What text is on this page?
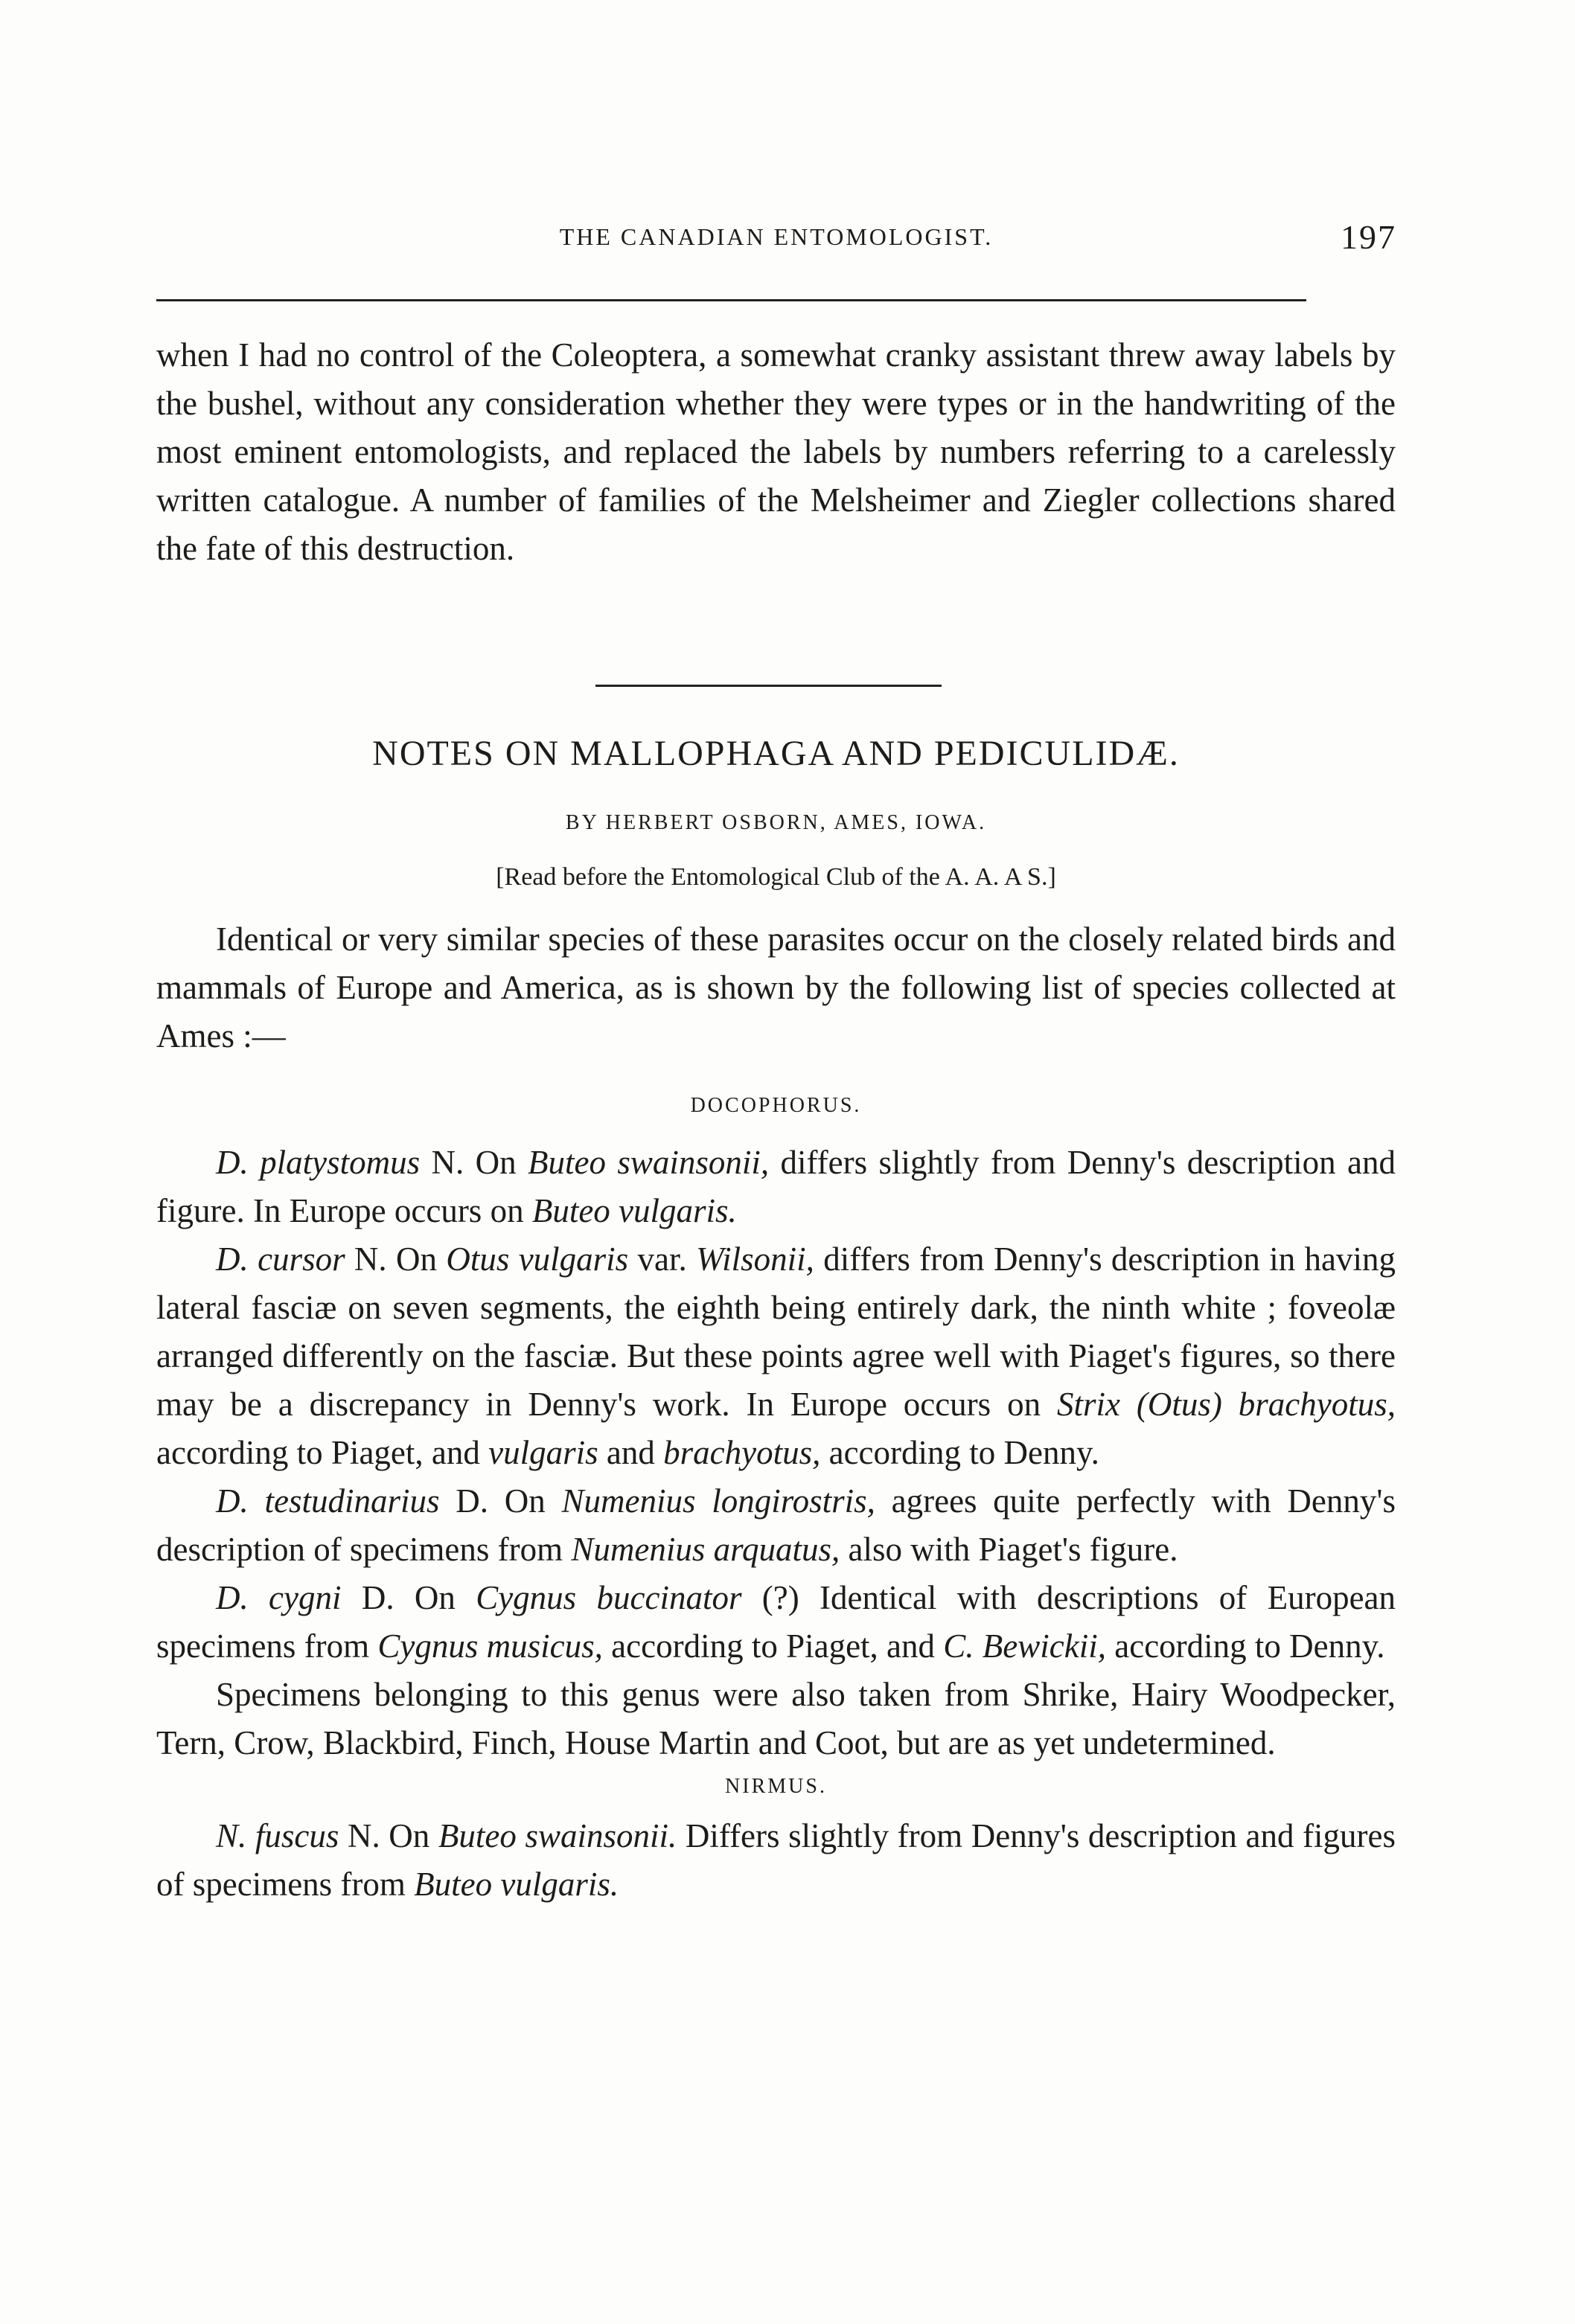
THE CANADIAN ENTOMOLOGIST.	197

when I had no control of the Coleoptera, a somewhat cranky assistant threw away labels by the bushel, without any consideration whether they were types or in the handwriting of the most eminent entomologists, and replaced the labels by numbers referring to a carelessly written catalogue. A number of families of the Melsheimer and Ziegler collections shared the fate of this destruction.

NOTES ON MALLOPHAGA AND PEDICULIDÆ.
BY HERBERT OSBORN, AMES, IOWA.
[Read before the Entomological Club of the A. A. A S.]

Identical or very similar species of these parasites occur on the closely related birds and mammals of Europe and America, as is shown by the following list of species collected at Ames :—

DOCOPHORUS.

D. platystomus N. On Buteo swainsonii, differs slightly from Denny's description and figure. In Europe occurs on Buteo vulgaris.

D. cursor N. On Otus vulgaris var. Wilsonii, differs from Denny's description in having lateral fasciæ on seven segments, the eighth being entirely dark, the ninth white ; foveolæ arranged differently on the fasciæ. But these points agree well with Piaget's figures, so there may be a discrepancy in Denny's work. In Europe occurs on Strix (Otus) brachyotus, according to Piaget, and vulgaris and brachyotus, according to Denny.

D. testudinarius D. On Numenius longirostris, agrees quite perfectly with Denny's description of specimens from Numenius arquatus, also with Piaget's figure.

D. cygni D. On Cygnus buccinator (?) Identical with descriptions of European specimens from Cygnus musicus, according to Piaget, and C. Bewickii, according to Denny.

Specimens belonging to this genus were also taken from Shrike, Hairy Woodpecker, Tern, Crow, Blackbird, Finch, House Martin and Coot, but are as yet undetermined.

NIRMUS.

N. fuscus N. On Buteo swainsonii. Differs slightly from Denny's description and figures of specimens from Buteo vulgaris.
